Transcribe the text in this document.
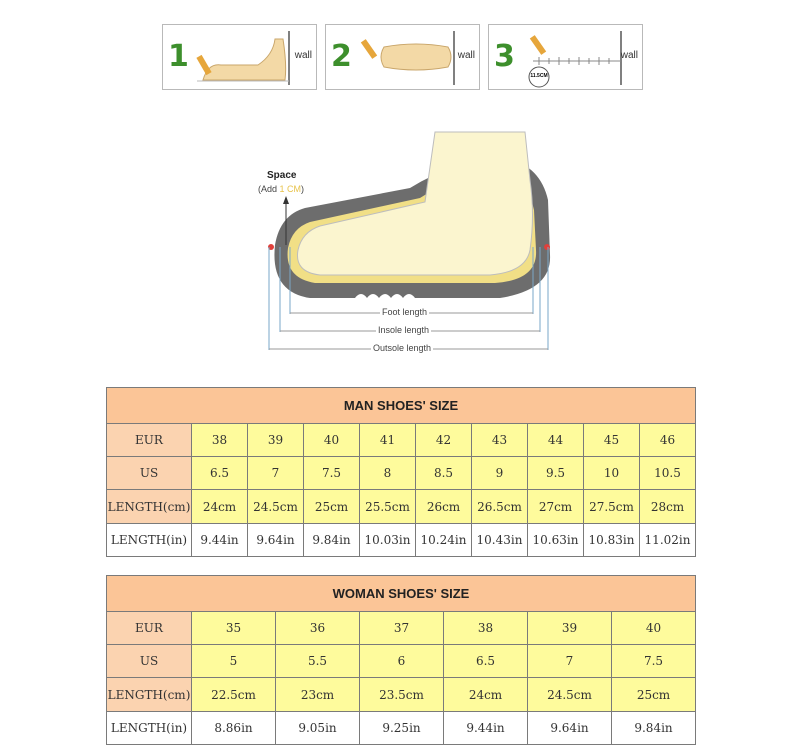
1	wall 2	wall 3
11.5CM
wall
Space
(Add 1 CM)
Foot length
Insole length
Outsole length
MAN SHOES' SIZE									
EUR	38	39	40	41	42	43	44	45	46
US	6.5	7	7.5	8	8.5	9	9.5	10	10.5
LENGTH(cm)	24cm	24.5cm	25cm	25.5cm	26cm	26.5cm	27cm	27.5cm	28cm
LENGTH(in)	9.44in	9.64in	9.84in	10.03in	10.24in	10.43in	10.63in	10.83in	11.02in
WOMAN SHOES' SIZE						
EUR	35	36	37	38	39	40
US	5	5.5	6	6.5	7	7.5
LENGTH(cm)	22.5cm	23cm	23.5cm	24cm	24.5cm	25cm
LENGTH(in)	8.86in	9.05in	9.25in	9.44in	9.64in	9.84in
